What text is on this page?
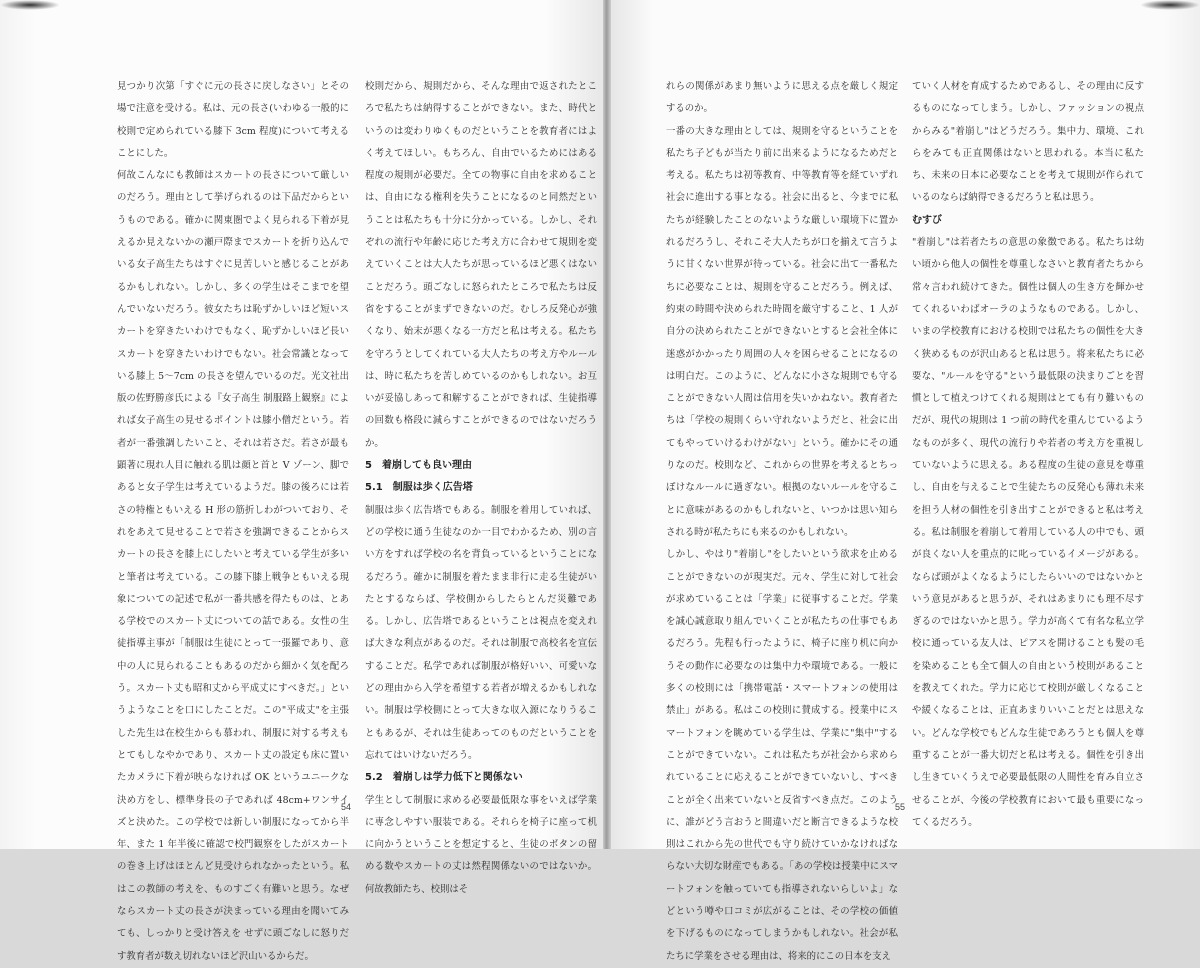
見つかり次第「すぐに元の長さに戻しなさい」とその場で注意を受ける。私は、元の長さ(いわゆる一般的に校則で定められている膝下 3cm 程度)について考えることにした。
何故こんなにも教師はスカートの長さについて厳しいのだろう。理由として挙げられるのは下品だからというものである。確かに関東圏でよく見られる下着が見えるか見えないかの瀬戸際までスカートを折り込んでいる女子高生たちはすぐに見苦しいと感じることがあるかもしれない。しかし、多くの学生はそこまでを望んでいないだろう。彼女たちは恥ずかしいほど短いスカートを穿きたいわけでもなく、恥ずかしいほど長いスカートを穿きたいわけでもない。社会常識となっている膝上 5〜7cm の長さを望んでいるのだ。光文社出版の佐野勝彦氏による『女子高生 制服路上観察』によれば女子高生の見せるポイントは膝小僧だという。若者が一番強調したいこと、それは若さだ。若さが最も顕著に現れ人目に触れる肌は顔と首と V ゾーン、脚であると女子学生は考えているようだ。膝の後ろには若さの特権ともいえる H 形の筋折しわがついており、それをあえて見せることで若さを強調できることからスカートの長さを膝上にしたいと考えている学生が多いと筆者は考えている。この膝下膝上戦争ともいえる現象についての記述で私が一番共感を得たものは、とある学校でのスカート丈についての話である。女性の生徒指導主事が「制服は生徒にとって一張羅であり、意中の人に見られることもあるのだから細かく気を配ろう。スカート丈も昭和丈から平成丈にすべきだ。」というようなことを口にしたことだ。この"平成丈"を主張した先生は在校生からも慕われ、制服に対する考えもとてもしなやかであり、スカート丈の設定も床に置いたカメラに下着が映らなければ OK というユニークな決め方をし、標準身長の子であれば 48cm+ワンサイズと決めた。この学校では新しい制服になってから半年、また 1 年半後に確認で校門観察をしたがスカートの巻き上げはほとんど見受けられなかったという。私はこの教師の考えを、ものすごく有難いと思う。なぜならスカート丈の長さが決まっている理由を聞いてみても、しっかりと受け答えを せずに頭ごなしに怒りだす教育者が数え切れないほど沢山いるからだ。

校則だから、規則だから、そんな理由で返されたところで私たちは納得することができない。また、時代というのは変わりゆくものだということを教育者にはよく考えてほしい。もちろん、自由でいるためにはある程度の規則が必要だ。全ての物事に自由を求めることは、自由になる権利を失うことになるのと同然だということは私たちも十分に分かっている。しかし、それぞれの流行や年齢に応じた考え方に合わせて規則を変えていくことは大人たちが思っているほど悪くはないことだろう。頭ごなしに怒られたところで私たちは反省をすることがまずできないのだ。むしろ反発心が強くなり、始末が悪くなる一方だと私は考える。私たちを守ろうとしてくれている大人たちの考え方やルールは、時に私たちを苦しめているのかもしれない。お互いが妥協しあって和解することができれば、生徒指導の回数も格段に減らすことができるのではないだろうか。

5　着崩しても良い理由

5.1　制服は歩く広告塔

制服は歩く広告塔でもある。制服を着用していれば、どの学校に通う生徒なのか一目でわかるため、別の言い方をすれば学校の名を背負っているということになるだろう。確かに制服を着たまま非行に走る生徒がいたとするならば、学校側からしたらとんだ災難である。しかし、広告塔であるということは視点を変えれば大きな利点があるのだ。それは制服で高校名を宣伝することだ。私学であれば制服が格好いい、可愛いなどの理由から入学を希望する若者が増えるかもしれない。制服は学校側にとって大きな収入源になりうることもあるが、それは生徒あってのものだということを忘れてはいけないだろう。

5.2　着崩しは学力低下と関係ない

学生として制服に求める必要最低限な事をいえば学業に専念しやすい服装である。それらを椅子に座って机に向かうということを想定すると、生徒のボタンの留める数やスカートの丈は然程関係ないのではないか。何故教師たち、校則はそ

54

れらの関係があまり無いように思える点を厳しく規定するのか。
一番の大きな理由としては、規則を守るということを私たち子どもが当たり前に出来るようになるためだと考える。私たちは初等教育、中等教育等を経ていずれ社会に進出する事となる。社会に出ると、今までに私たちが経験したことのないような厳しい環境下に置かれるだろうし、それこそ大人たちが口を揃えて言うように甘くない世界が待っている。社会に出て一番私たちに必要なことは、規則を守ることだろう。例えば、約束の時間や決められた時間を厳守すること、1 人が自分の決められたことができないとすると会社全体に迷惑がかかったり周囲の人々を困らせることになるのは明白だ。このように、どんなに小さな規則でも守ることができない人間は信用を失いかねない。教育者たちは「学校の規則くらい守れないようだと、社会に出てもやっていけるわけがない」という。確かにその通りなのだ。校則など、これからの世界を考えるとちっぽけなルールに過ぎない。根拠のないルールを守ることに意味があるのかもしれないと、いつかは思い知らされる時が私たちにも来るのかもしれない。
しかし、やはり"着崩し"をしたいという欲求を止めることができないのが現実だ。元々、学生に対して社会が求めていることは「学業」に従事することだ。学業を誠心誠意取り組んでいくことが私たちの仕事でもあるだろう。先程も行ったように、椅子に座り机に向かうその動作に必要なのは集中力や環境である。一般に多くの校則には「携帯電話・スマートフォンの使用は禁止」がある。私はこの校則に賛成する。授業中にスマートフォンを眺めている学生は、学業に"集中"することができていない。これは私たちが社会から求められていることに応えることができていないし、すべきことが全く出来ていないと反省すべき点だ。このように、誰がどう言おうと間違いだと断言できるような校則はこれから先の世代でも守り続けていかなければならない大切な財産でもある。「あの学校は授業中にスマートフォンを触っていても指導されないらしいよ」などという噂や口コミが広がることは、その学校の価値を下げるものになってしまうかもしれない。社会が私たちに学業をさせる理由は、将来的にこの日本を支え

ていく人材を育成するためであるし、その理由に反するものになってしまう。しかし、ファッションの視点からみる"着崩し"はどうだろう。集中力、環境、これらをみても正直関係はないと思われる。本当に私たち、未来の日本に必要なことを考えて規則が作られているのならば納得できるだろうと私は思う。

むすび

"着崩し"は若者たちの意思の象徴である。私たちは幼い頃から他人の個性を尊重しなさいと教育者たちから常々言われ続けてきた。個性は個人の生き方を輝かせてくれるいわばオーラのようなものである。しかし、いまの学校教育における校則では私たちの個性を大きく狭めるものが沢山あると私は思う。将来私たちに必要な、"ルールを守る"という最低限の決まりごとを習慣として植えつけてくれる規則はとても有り難いものだが、現代の規則は 1 つ前の時代を重んじているようなものが多く、現代の流行りや若者の考え方を重視していないように思える。ある程度の生徒の意見を尊重し、自由を与えることで生徒たちの反発心も薄れ未来を担う人材の個性を引き出すことができると私は考える。私は制服を着崩して着用している人の中でも、頭が良くない人を重点的に叱っているイメージがある。ならば頭がよくなるようにしたらいいのではないかという意見があると思うが、それはあまりにも理不尽すぎるのではないかと思う。学力が高くて有名な私立学校に通っている友人は、ピアスを開けることも髪の毛を染めることも全て個人の自由という校則があることを教えてくれた。学力に応じて校則が厳しくなることや緩くなることは、正直あまりいいことだとは思えない。どんな学校でもどんな生徒であろうとも個人を尊重することが一番大切だと私は考える。個性を引き出し生きていくうえで必要最低限の人間性を育み自立させることが、今後の学校教育において最も重要になってくるだろう。

55
